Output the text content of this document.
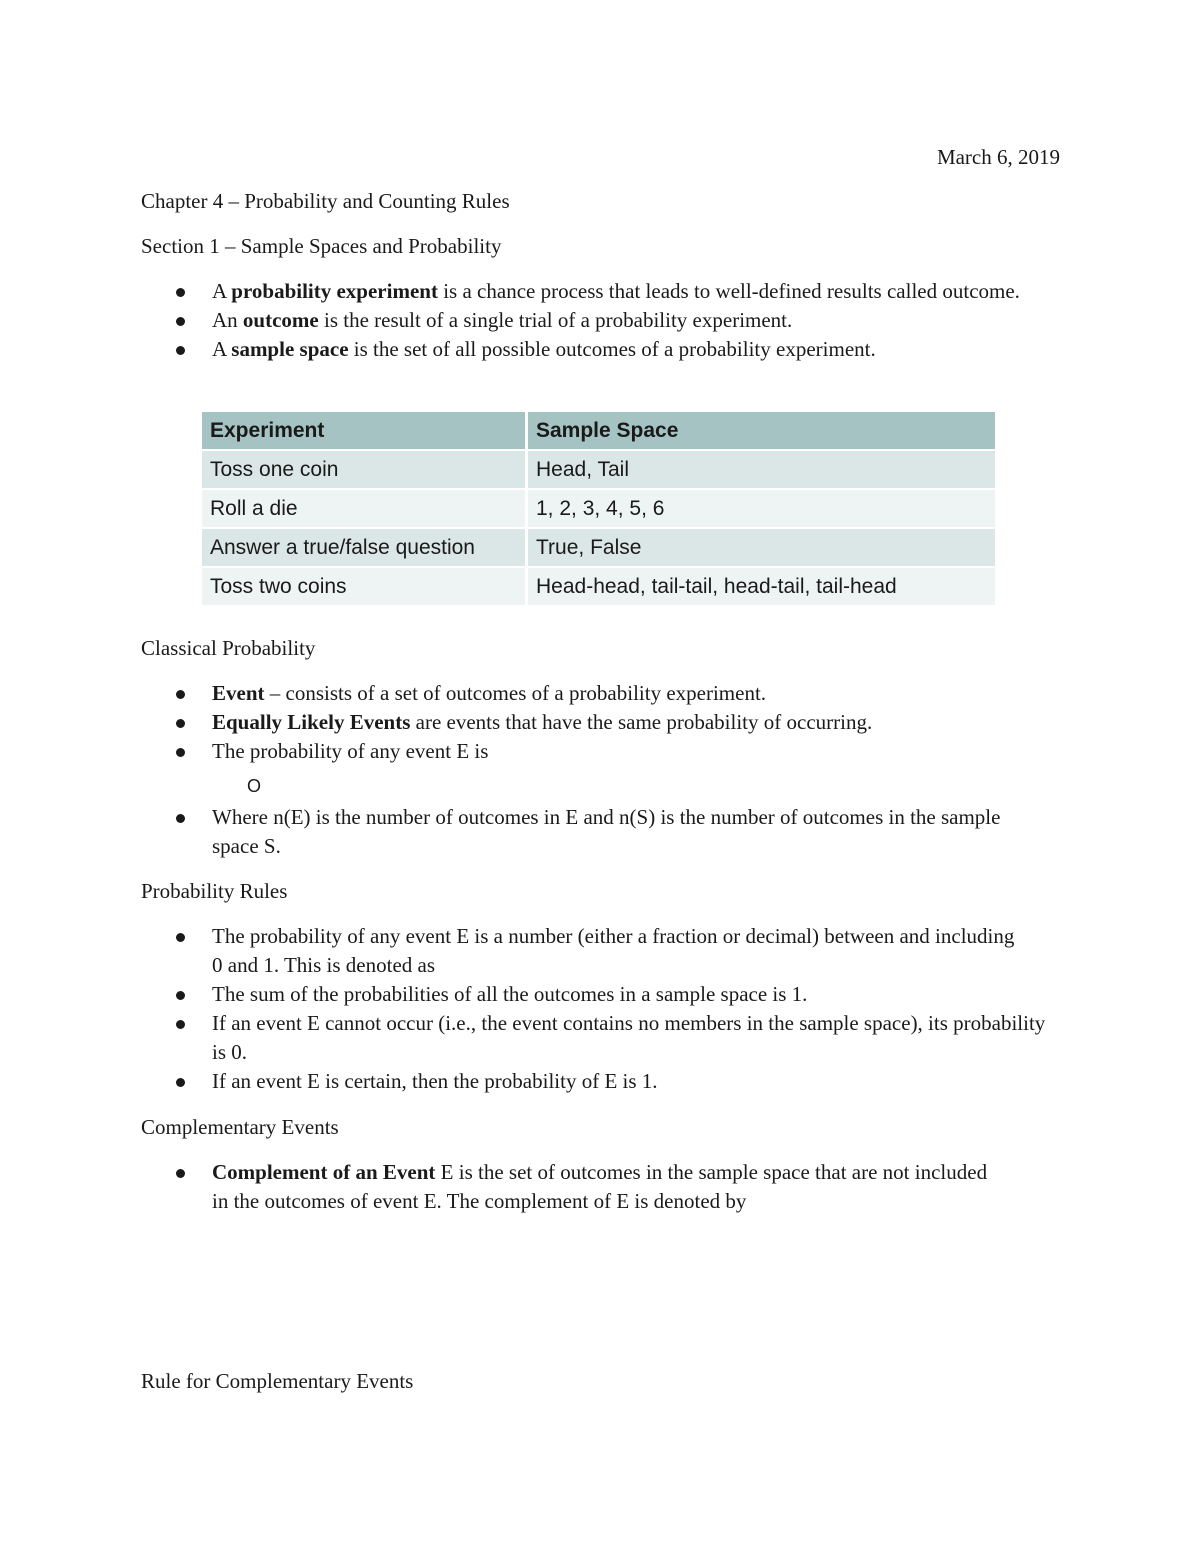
March 6, 2019
Chapter 4 – Probability and Counting Rules
Section 1 – Sample Spaces and Probability
A probability experiment is a chance process that leads to well-defined results called outcome.
An outcome is the result of a single trial of a probability experiment.
A sample space is the set of all possible outcomes of a probability experiment.
Experiment	Sample Space
Toss one coin	Head, Tail
Roll a die	1, 2, 3, 4, 5, 6
Answer a true/false question	True, False
Toss two coins	Head-head, tail-tail, head-tail, tail-head
Classical Probability
Event – consists of a set of outcomes of a probability experiment.
Equally Likely Events are events that have the same probability of occurring.
The probability of any event E is
O
Where n(E) is the number of outcomes in E and n(S) is the number of outcomes in the sample space S.
Probability Rules
The probability of any event E is a number (either a fraction or decimal) between and including 0 and 1. This is denoted as
The sum of the probabilities of all the outcomes in a sample space is 1.
If an event E cannot occur (i.e., the event contains no members in the sample space), its probability is 0.
If an event E is certain, then the probability of E is 1.
Complementary Events
Complement of an Event E is the set of outcomes in the sample space that are not included in the outcomes of event E. The complement of E is denoted by
Rule for Complementary Events
